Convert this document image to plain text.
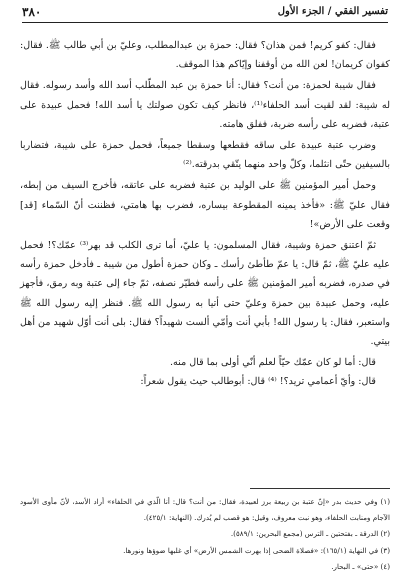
تفسير الفقي / الجزء الأول
٣٨٠

فقال: كفو كريم! فمن هذان؟ فقال: حمزة بن عبدالمطلب، وعليّ بن أبي طالب ﷺ. فقال: كفوان كريمان! لعن الله من أوقفنا وإيّاكم هذا الموقف.

فقال شيبة لحمزة: من أنت؟ فقال: أنا حمزة بن عبد المطّلب أسد الله وأسد رسوله. فقال له شيبة: لقد لقيت أسد الحلفاء⁽¹⁾، فانظر كيف تكون صولتك يا أسد الله! فحمل عبيدة على عتبة، فضربه على رأسه ضربة، ففلق هامته.

وضرب عتبة عبيدة على ساقه فقطعها وسقطا جميعاً، فحمل حمزة على شيبة، فتضاربا بالسيفين حتّى انثلما، وكلّ واحد منهما يتّقي بدرقته.⁽²⁾

وحمل أمير المؤمنين ﷺ على الوليد بن عتبة فضربه على عاتقه، فأخرج السيف من إبطه، فقال عليّ ﷺ: «فأخذ يمينه المقطوعة بيساره، فضرب بها هامتي، فظننت أنّ السّماء [قد] وقعت على الأرض»!

ثمّ اعتنق حمزة وشيبة، فقال المسلمون: يا عليّ، أما ترى الكلب قد بهر⁽³⁾ عمّك؟! فحمل عليه عليّ ﷺ، ثمّ قال: يا عمّ طأطئ رأسك ـ وكان حمزة أطول من شيبة ـ فأدخل حمزة رأسه في صدره، فضربه أمير المؤمنين ﷺ على رأسه فطيّر نصفه، ثمّ جاء إلى عتبة وبه رمق، فأجهز عليه، وحمل عبيدة بين حمزة وعليّ حتى أتيا به رسول الله ﷺ. فنظر إليه رسول الله ﷺ واستعبر، فقال: يا رسول الله! بأبي أنت وأمّي ألست شهيداً؟ فقال: بلى أنت أوّل شهيد من أهل بيتي.

قال: أما لو كان عمّك حيّاً لعلم أنّي أولى بما قال منه.

قال: وأيّ أعمامي تريد؟! ⁽⁴⁾ قال: أبوطالب حيث يقول شعراً:

(١) وفي حديث بدر «إنّ عتبة بن ربيعة برز لعبيدة، فقال: من أنت؟ قال: أنا الّذي في الحلفاء» أراد الأسد، لأنّ مأوى الأسود الآجام ومنابت الحلفاء، وهو نبت معروف، وقيل: هو قصب لم يُدرك. (النهاية: ٤٢٥/١).

(٢) الدرقة ـ بفتحتين ـ الترس (مجمع البحرين: ٥٨٩/١).

(٣) في النهاية (١٦٥/١): «فصلاة الضحى إذا بهرت الشمس الأرض» أي غلبها ضوؤها ونورها.

(٤) «حتى» ـ البحار.
